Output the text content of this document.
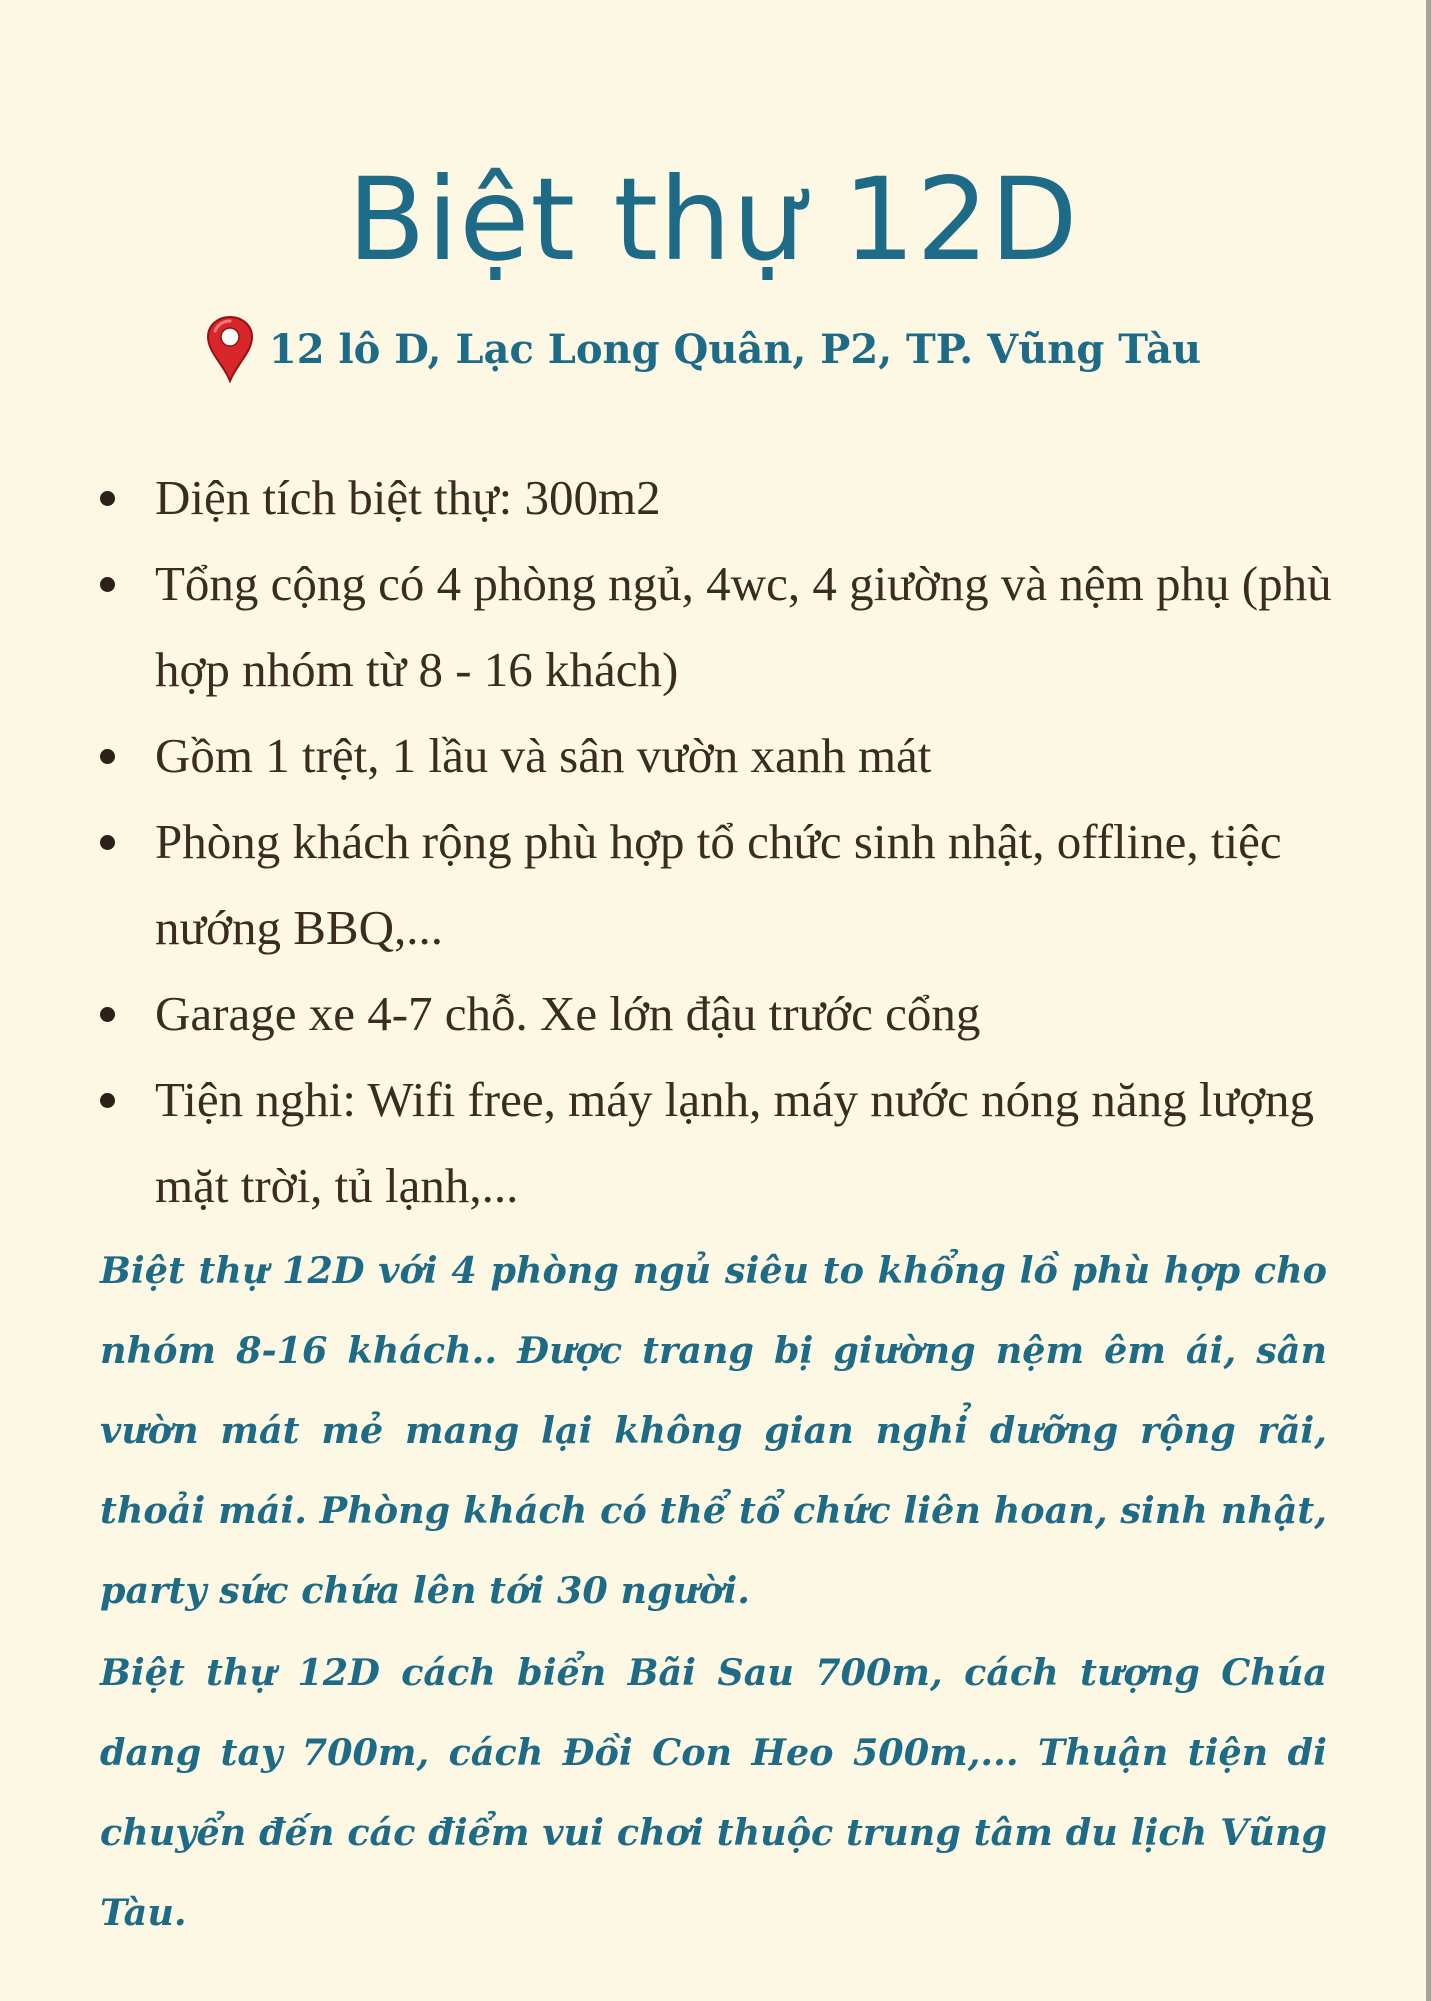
Biệt thự 12D
12 lô D, Lạc Long Quân, P2, TP. Vũng Tàu
Diện tích biệt thự: 300m2
Tổng cộng có 4 phòng ngủ, 4wc, 4 giường và nệm phụ (phù hợp nhóm từ 8 - 16 khách)
Gồm 1 trệt, 1 lầu và sân vườn xanh mát
Phòng khách rộng phù hợp tổ chức sinh nhật, offline, tiệc nướng BBQ,...
Garage xe 4-7 chỗ. Xe lớn đậu trước cổng
Tiện nghi: Wifi free, máy lạnh, máy nước nóng năng lượng mặt trời, tủ lạnh,...

Biệt thự 12D với 4 phòng ngủ siêu to khổng lồ phù hợp cho nhóm 8-16 khách.. Được trang bị giường nệm êm ái, sân vườn mát mẻ mang lại không gian nghỉ dưỡng rộng rãi, thoải mái. Phòng khách có thể tổ chức liên hoan, sinh nhật, party sức chứa lên tới 30 người.

Biệt thự 12D cách biển Bãi Sau 700m, cách tượng Chúa dang tay 700m, cách Đồi Con Heo 500m,... Thuận tiện di chuyển đến các điểm vui chơi thuộc trung tâm du lịch Vũng Tàu.
